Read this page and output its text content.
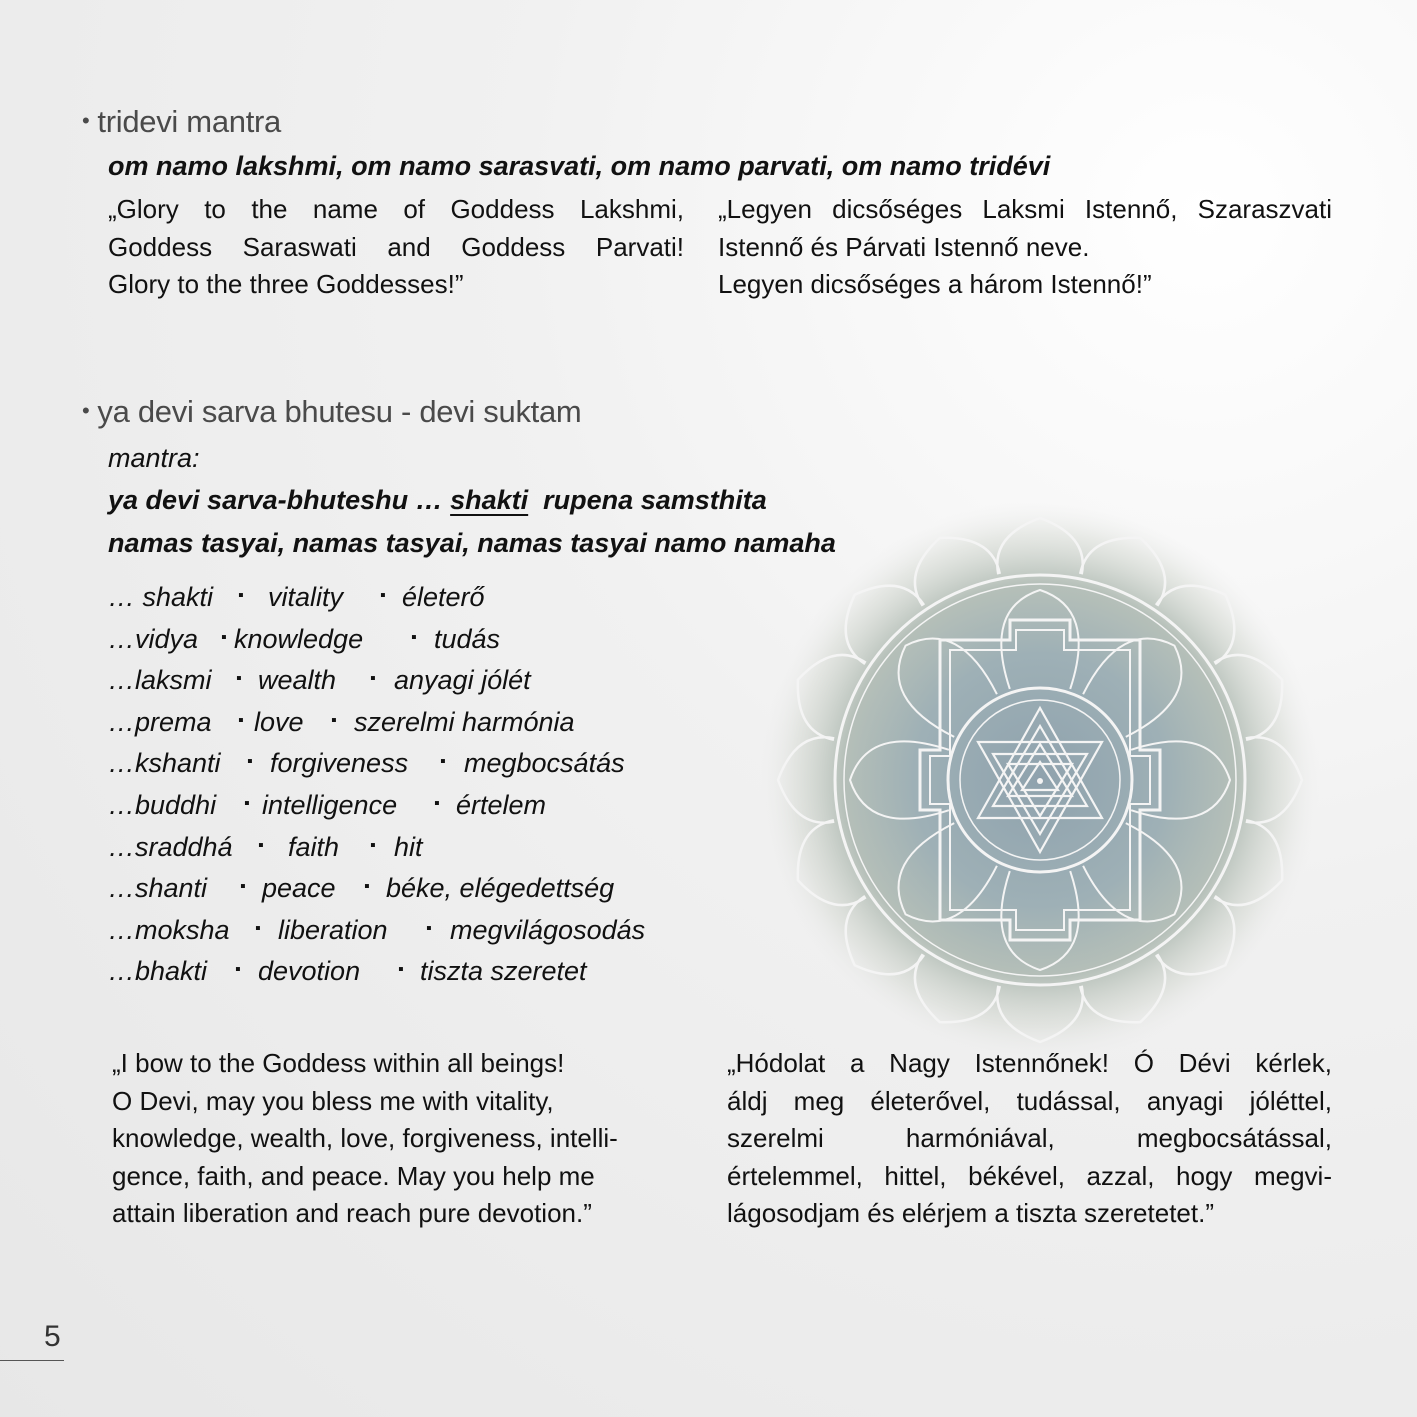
• tridevi mantra
om namo lakshmi, om namo sarasvati, om namo parvati, om namo tridévi
„Glory to the name of Goddess Lakshmi,
Goddess Saraswati and Goddess Parvati!
Glory to the three Goddesses!”
„Legyen dicsőséges Laksmi Istennő, Szaraszvati
Istennő és Párvati Istennő neve.
Legyen dicsőséges a három Istennő!”
• ya devi sarva bhutesu - devi suktam
mantra:
ya devi sarva-bhuteshu … shakti  rupena samsthita
namas tasyai, namas tasyai, namas tasyai namo namaha
… shakti ▪ vitality ▪ életerő
…vidya ▪ knowledge	▪ tudás
…laksmi ▪ wealth ▪ anyagi jólét
…prema ▪ love ▪ szerelmi harmónia
…kshanti ▪ forgiveness ▪ megbocsátás
…buddhi ▪ intelligence ▪ értelem
…sraddhá ▪ faith ▪ hit
…shanti ▪ peace ▪ béke, elégedettség
…moksha ▪ liberation ▪ megvilágosodás
…bhakti ▪ devotion ▪ tiszta szeretet
„I bow to the Goddess within all beings!
O Devi, may you bless me with vitality,
knowledge, wealth, love, forgiveness, intelli-
gence, faith, and peace. May you help me
attain liberation and reach pure devotion.”
„Hódolat a Nagy Istennőnek! Ó Dévi kérlek,
áldj meg életerővel, tudással, anyagi jóléttel,
szerelmi harmóniával, megbocsátással,
értelemmel, hittel, békével, azzal, hogy megvi-
lágosodjam és elérjem a tiszta szeretetet.”
5
